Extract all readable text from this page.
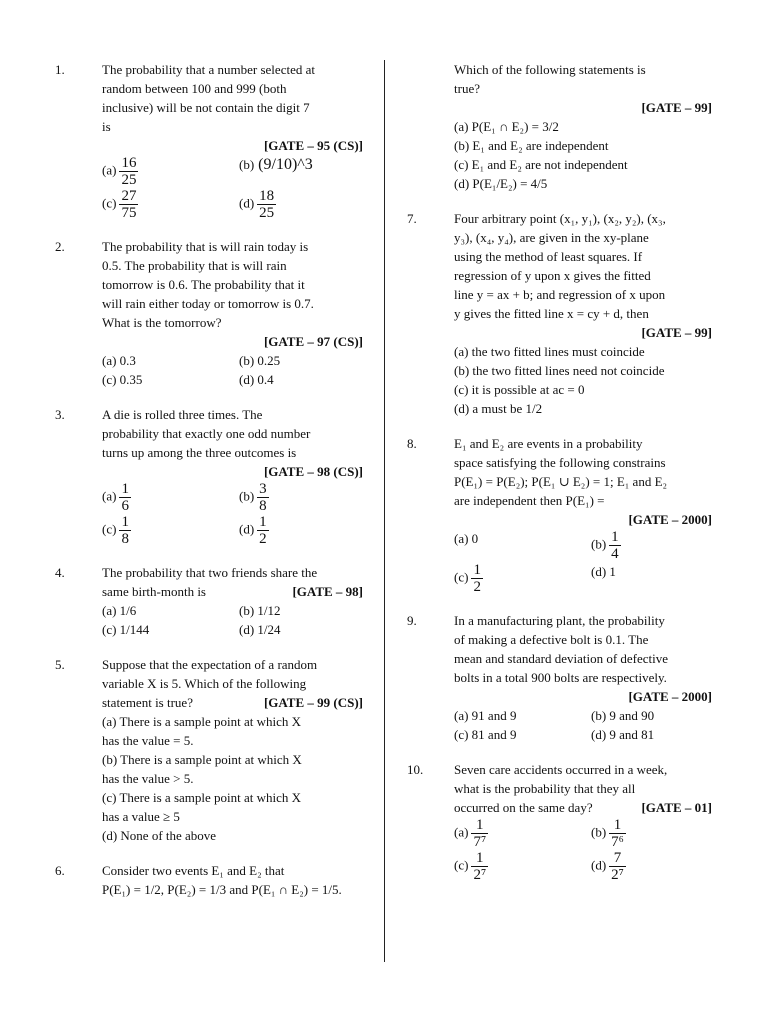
1.	The probability that a number selected at
random between 100 and 999 (both
inclusive) will be not contain the digit 7
is
[GATE – 95 (CS)]
$(a) \frac{16}{25}$	(b) (9/10)^3
$(c) \frac{27}{75}$	$(d) \frac{18}{25}$
2.	The probability that is will rain today is
0.5. The probability that is will rain
tomorrow is 0.6. The probability that it
will rain either today or tomorrow is 0.7.
What is the tomorrow?
[GATE – 97 (CS)]
(a) 0.3	(b) 0.25
(c) 0.35	(d) 0.4
3.	A die is rolled three times. The
probability that exactly one odd number
turns up among the three outcomes is
[GATE – 98 (CS)]
$(a) \frac{1}{6}$	$(b) \frac{3}{8}$
$(c) \frac{1}{8}$	$(d) \frac{1}{2}$
4.	The probability that two friends share the
same birth-month is	[GATE – 98]
(a) 1/6	(b) 1/12
(c) 1/144	(d) 1/24
5.	Suppose that the expectation of a random
variable X is 5. Which of the following
statement is true?	[GATE – 99 (CS)]
(a) There is a sample point at which X
has the value = 5.
(b) There is a sample point at which X
has the value > 5.
(c) There is a sample point at which X
has a value ≥ 5
(d) None of the above
6.	Consider two events E₁ and E₂ that
P(E₁) = 1/2, P(E₂) = 1/3 and P(E₁ ∩ E₂) = 1/5.
Which of the following statements is
true?
[GATE – 99]
(a) P(E₁ ∩ E₂) = 3/2
(b) E₁ and E₂ are independent
(c) E₁ and E₂ are not independent
(d) P(E₁/E₂) = 4/5
7.	Four arbitrary point (x₁, y₁), (x₂, y₂), (x₃,
y₃), (x₄, y₄), are given in the xy-plane
using the method of least squares. If
regression of y upon x gives the fitted
line y = ax + b; and regression of x upon
y gives the fitted line x = cy + d, then
[GATE – 99]
(a) the two fitted lines must coincide
(b) the two fitted lines need not coincide
(c) it is possible at ac = 0
(d) a must be 1/2
8.	E₁ and E₂ are events in a probability
space satisfying the following constrains
P(E₁) = P(E₂); P(E₁ ∪ E₂) = 1; E₁ and E₂
are independent then P(E₁) =
[GATE – 2000]
(a) 0	$(b) \frac{1}{4}$
$(c) \frac{1}{2}$	(d) 1
9.	In a manufacturing plant, the probability
of making a defective bolt is 0.1. The
mean and standard deviation of defective
bolts in a total 900 bolts are respectively.
[GATE – 2000]
(a) 91 and 9	(b) 9 and 90
(c) 81 and 9	(d) 9 and 81
10. Seven care accidents occurred in a week,
what is the probability that they all
occurred on the same day?	[GATE – 01]
$(a) \frac{1}{\text{7⁷}}$	$(b) \frac{1}{\text{7⁶}}$
$(c) \frac{1}{\text{2⁷}}$	$(d) \frac{7}{\text{2⁷}}$
